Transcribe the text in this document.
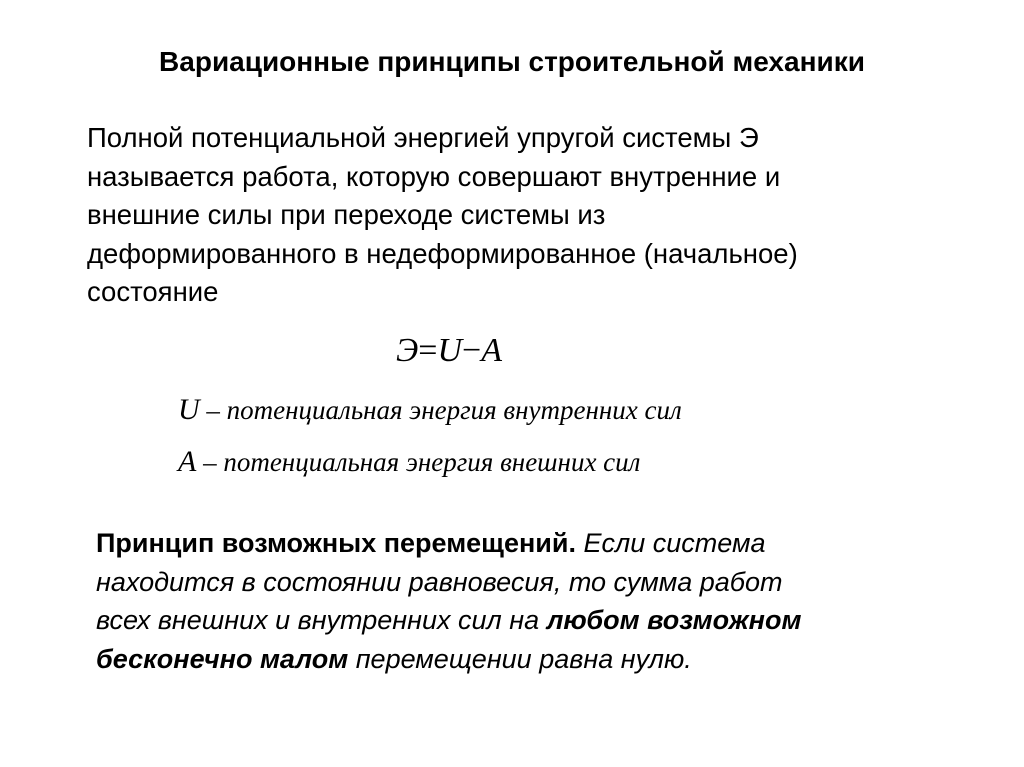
Вариационные принципы строительной механики

Полной потенциальной энергией упругой системы Э
называется работа, которую совершают внутренние и
внешние силы при переходе системы из
деформированного в недеформированное (начальное)
состояние

Э=U−A
U – потенциальная энергия внутренних сил
A – потенциальная энергия внешних сил

Принцип возможных перемещений. Если система
находится в состоянии равновесия, то сумма работ
всех внешних и внутренних сил на любом возможном
бесконечно малом перемещении равна нулю.
